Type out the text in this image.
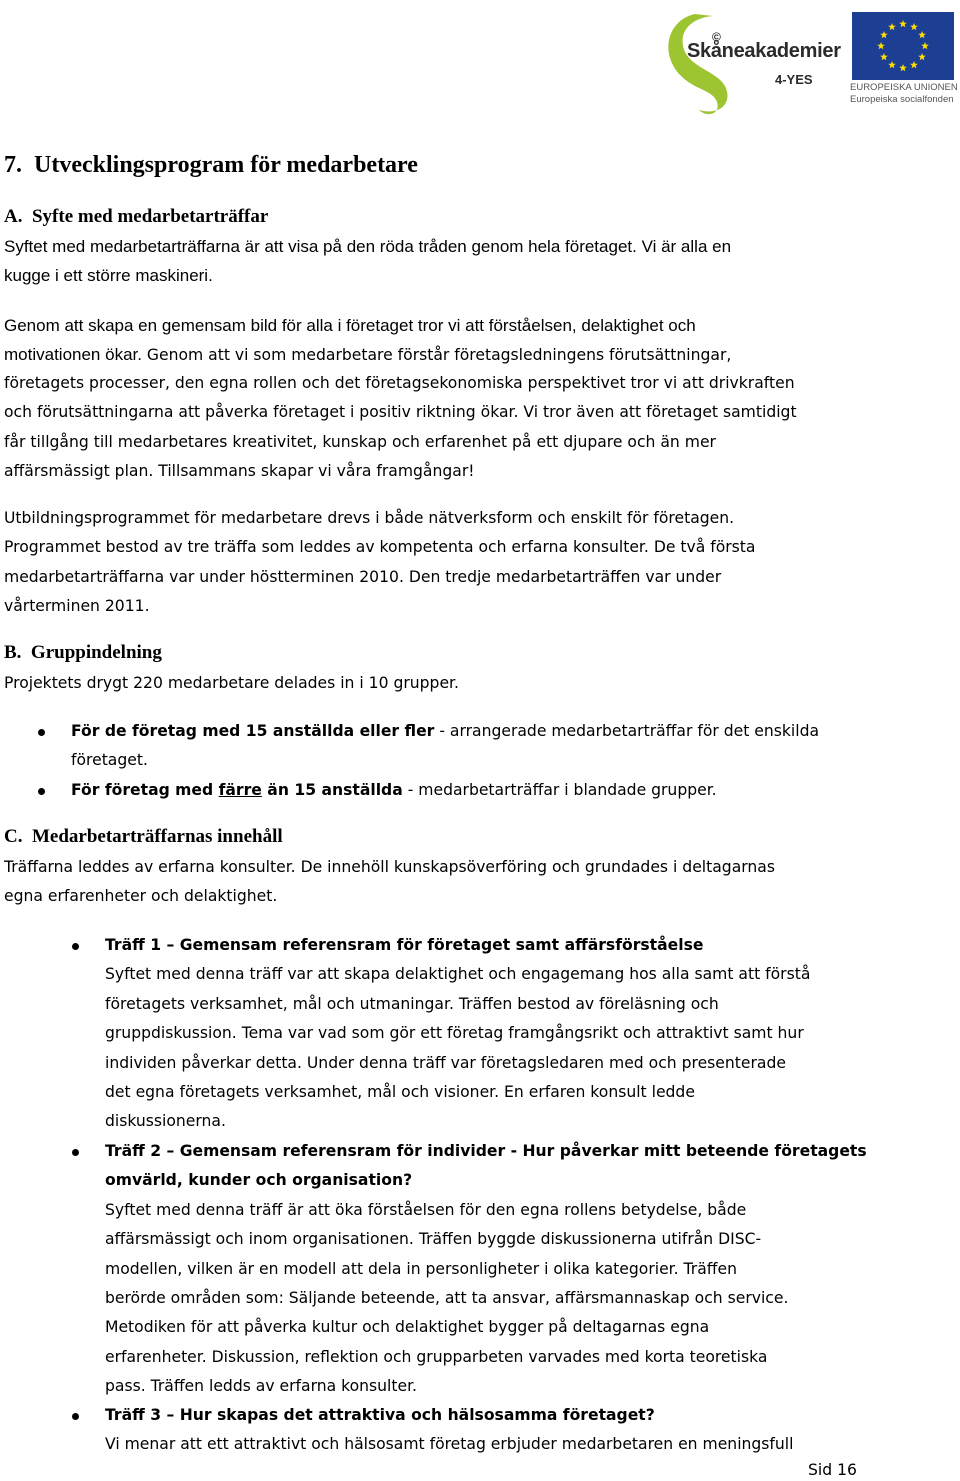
©
Skåneakademier
4-YES
EUROPEISKA UNIONEN
Europeiska socialfonden
7.  Utvecklingsprogram för medarbetare
A.  Syfte med medarbetarträffar
Syftet med medarbetarträffarna är att visa på den röda tråden genom hela företaget. Vi är alla en
kugge i ett större maskineri.
Genom att skapa en gemensam bild för alla i företaget tror vi att förståelsen, delaktighet och
motivationen ökar. Genom att vi som medarbetare förstår företagsledningens förutsättningar,
företagets processer, den egna rollen och det företagsekonomiska perspektivet tror vi att drivkraften
och förutsättningarna att påverka företaget i positiv riktning ökar. Vi tror även att företaget samtidigt
får tillgång till medarbetares kreativitet, kunskap och erfarenhet på ett djupare och än mer
affärsmässigt plan. Tillsammans skapar vi våra framgångar!
Utbildningsprogrammet för medarbetare drevs i både nätverksform och enskilt för företagen.
Programmet bestod av tre träffa som leddes av kompetenta och erfarna konsulter. De två första
medarbetarträffarna var under höstterminen 2010. Den tredje medarbetarträffen var under
vårterminen 2011.
B.  Gruppindelning
Projektets drygt 220 medarbetare delades in i 10 grupper.
För de företag med 15 anställda eller fler - arrangerade medarbetarträffar för det enskilda
företaget.
För företag med färre än 15 anställda - medarbetarträffar i blandade grupper.
C.  Medarbetarträffarnas innehåll
Träffarna leddes av erfarna konsulter. De innehöll kunskapsöverföring och grundades i deltagarnas
egna erfarenheter och delaktighet.
Träff 1 – Gemensam referensram för företaget samt affärsförståelse
Syftet med denna träff var att skapa delaktighet och engagemang hos alla samt att förstå
företagets verksamhet, mål och utmaningar. Träffen bestod av föreläsning och
gruppdiskussion. Tema var vad som gör ett företag framgångsrikt och attraktivt samt hur
individen påverkar detta. Under denna träff var företagsledaren med och presenterade
det egna företagets verksamhet, mål och visioner. En erfaren konsult ledde
diskussionerna.
Träff 2 – Gemensam referensram för individer - Hur påverkar mitt beteende företagets
omvärld, kunder och organisation?
Syftet med denna träff är att öka förståelsen för den egna rollens betydelse, både
affärsmässigt och inom organisationen. Träffen byggde diskussionerna utifrån DISC-
modellen, vilken är en modell att dela in personligheter i olika kategorier. Träffen
berörde områden som: Säljande beteende, att ta ansvar, affärsmannaskap och service.
Metodiken för att påverka kultur och delaktighet bygger på deltagarnas egna
erfarenheter. Diskussion, reflektion och grupparbeten varvades med korta teoretiska
pass. Träffen ledds av erfarna konsulter.
Träff 3 – Hur skapas det attraktiva och hälsosamma företaget?
Vi menar att ett attraktivt och hälsosamt företag erbjuder medarbetaren en meningsfull
Sid 16
